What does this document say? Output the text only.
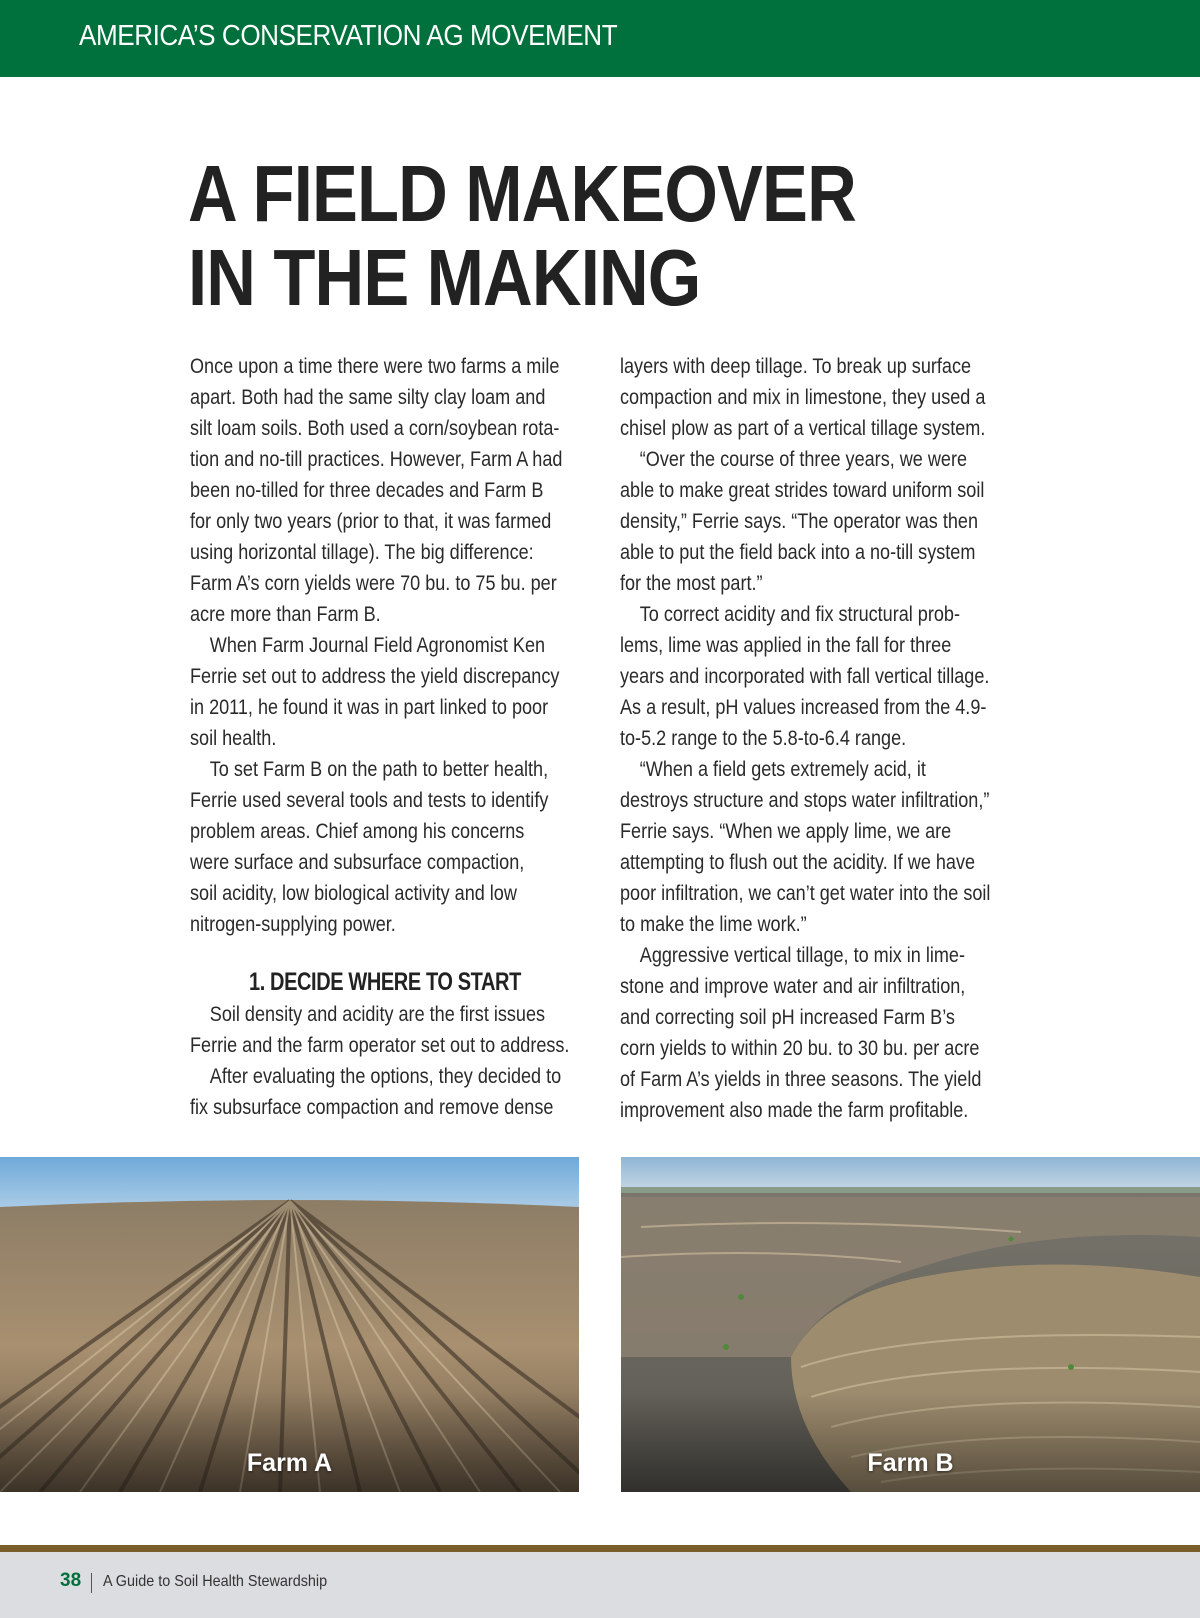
AMERICA’S CONSERVATION AG MOVEMENT
A FIELD MAKEOVER
IN THE MAKING
Once upon a time there were two farms a mile
apart. Both had the same silty clay loam and
silt loam soils. Both used a corn/soybean rota-
tion and no-till practices. However, Farm A had
been no-tilled for three decades and Farm B
for only two years (prior to that, it was farmed
using horizontal tillage). The big difference:
Farm A’s corn yields were 70 bu. to 75 bu. per
acre more than Farm B.
When Farm Journal Field Agronomist Ken
Ferrie set out to address the yield discrepancy
in 2011, he found it was in part linked to poor
soil health.
To set Farm B on the path to better health,
Ferrie used several tools and tests to identify
problem areas. Chief among his concerns
were surface and subsurface compaction,
soil acidity, low biological activity and low
nitrogen-supplying power.
1. DECIDE WHERE TO START
Soil density and acidity are the first issues
Ferrie and the farm operator set out to address.
After evaluating the options, they decided to
fix subsurface compaction and remove dense
layers with deep tillage. To break up surface
compaction and mix in limestone, they used a
chisel plow as part of a vertical tillage system.
“Over the course of three years, we were
able to make great strides toward uniform soil
density,” Ferrie says. “The operator was then
able to put the field back into a no-till system
for the most part.”
To correct acidity and fix structural prob-
lems, lime was applied in the fall for three
years and incorporated with fall vertical tillage.
As a result, pH values increased from the 4.9-
to-5.2 range to the 5.8-to-6.4 range.
“When a field gets extremely acid, it
destroys structure and stops water infiltration,”
Ferrie says. “When we apply lime, we are
attempting to flush out the acidity. If we have
poor infiltration, we can’t get water into the soil
to make the lime work.”
Aggressive vertical tillage, to mix in lime-
stone and improve water and air infiltration,
and correcting soil pH increased Farm B’s
corn yields to within 20 bu. to 30 bu. per acre
of Farm A’s yields in three seasons. The yield
improvement also made the farm profitable.
Farm A	Farm B
38 A Guide to Soil Health Stewardship
